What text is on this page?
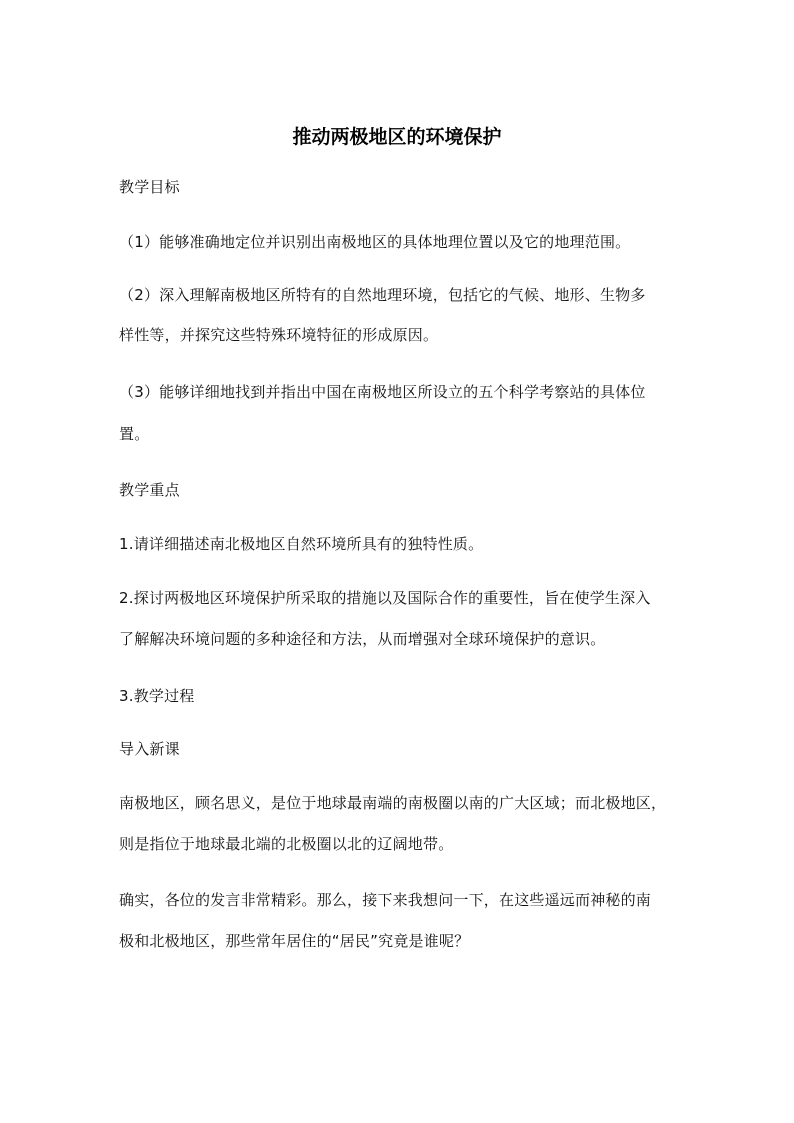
推动两极地区的环境保护
教学目标
（1）能够准确地定位并识别出南极地区的具体地理位置以及它的地理范围。
（2）深入理解南极地区所特有的自然地理环境，包括它的气候、地形、生物多
样性等，并探究这些特殊环境特征的形成原因。
（3）能够详细地找到并指出中国在南极地区所设立的五个科学考察站的具体位
置。
教学重点
1.请详细描述南北极地区自然环境所具有的独特性质。
2.探讨两极地区环境保护所采取的措施以及国际合作的重要性，旨在使学生深入
了解解决环境问题的多种途径和方法，从而增强对全球环境保护的意识。
3.教学过程
导入新课
南极地区，顾名思义，是位于地球最南端的南极圈以南的广大区域；而北极地区，
则是指位于地球最北端的北极圈以北的辽阔地带。
确实，各位的发言非常精彩。那么，接下来我想问一下，在这些遥远而神秘的南
极和北极地区，那些常年居住的“居民”究竟是谁呢？
